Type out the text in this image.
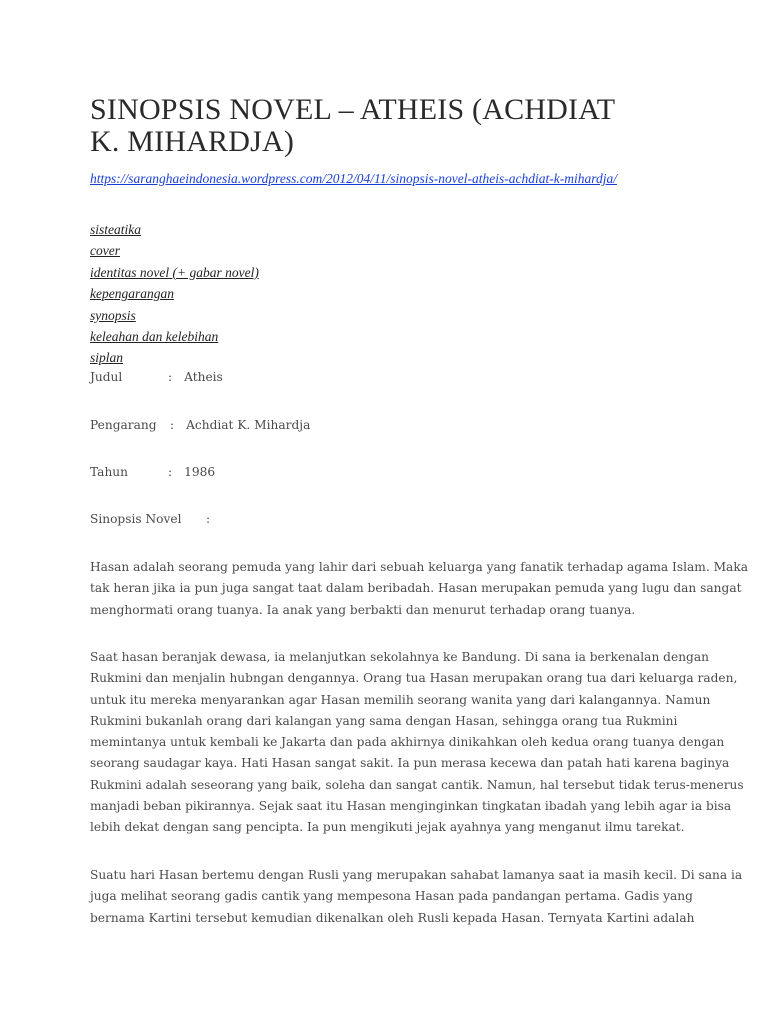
SINOPSIS NOVEL – ATHEIS (ACHDIAT
K. MIHARDJA)
https://saranghaeindonesia.wordpress.com/2012/04/11/sinopsis-novel-atheis-achdiat-k-mihardja/
sisteatika
cover
identitas novel (+ gabar novel)
kepengarangan
synopsis
keleahan dan kelebihan
siplan
Judul	: Atheis
Pengarang : Achdiat K. Mihardja
Tahun	: 1986
Sinopsis Novel :

Hasan adalah seorang pemuda yang lahir dari sebuah keluarga yang fanatik terhadap agama Islam. Maka
tak heran jika ia pun juga sangat taat dalam beribadah. Hasan merupakan pemuda yang lugu dan sangat
menghormati orang tuanya. Ia anak yang berbakti dan menurut terhadap orang tuanya.

Saat hasan beranjak dewasa, ia melanjutkan sekolahnya ke Bandung. Di sana ia berkenalan dengan
Rukmini dan menjalin hubngan dengannya. Orang tua Hasan merupakan orang tua dari keluarga raden,
untuk itu mereka menyarankan agar Hasan memilih seorang wanita yang dari kalangannya. Namun
Rukmini bukanlah orang dari kalangan yang sama dengan Hasan, sehingga orang tua Rukmini
memintanya untuk kembali ke Jakarta dan pada akhirnya dinikahkan oleh kedua orang tuanya dengan
seorang saudagar kaya. Hati Hasan sangat sakit. Ia pun merasa kecewa dan patah hati karena baginya
Rukmini adalah seseorang yang baik, soleha dan sangat cantik. Namun, hal tersebut tidak terus-menerus
manjadi beban pikirannya. Sejak saat itu Hasan menginginkan tingkatan ibadah yang lebih agar ia bisa
lebih dekat dengan sang pencipta. Ia pun mengikuti jejak ayahnya yang menganut ilmu tarekat.

Suatu hari Hasan bertemu dengan Rusli yang merupakan sahabat lamanya saat ia masih kecil. Di sana ia
juga melihat seorang gadis cantik yang mempesona Hasan pada pandangan pertama. Gadis yang
bernama Kartini tersebut kemudian dikenalkan oleh Rusli kepada Hasan. Ternyata Kartini adalah
